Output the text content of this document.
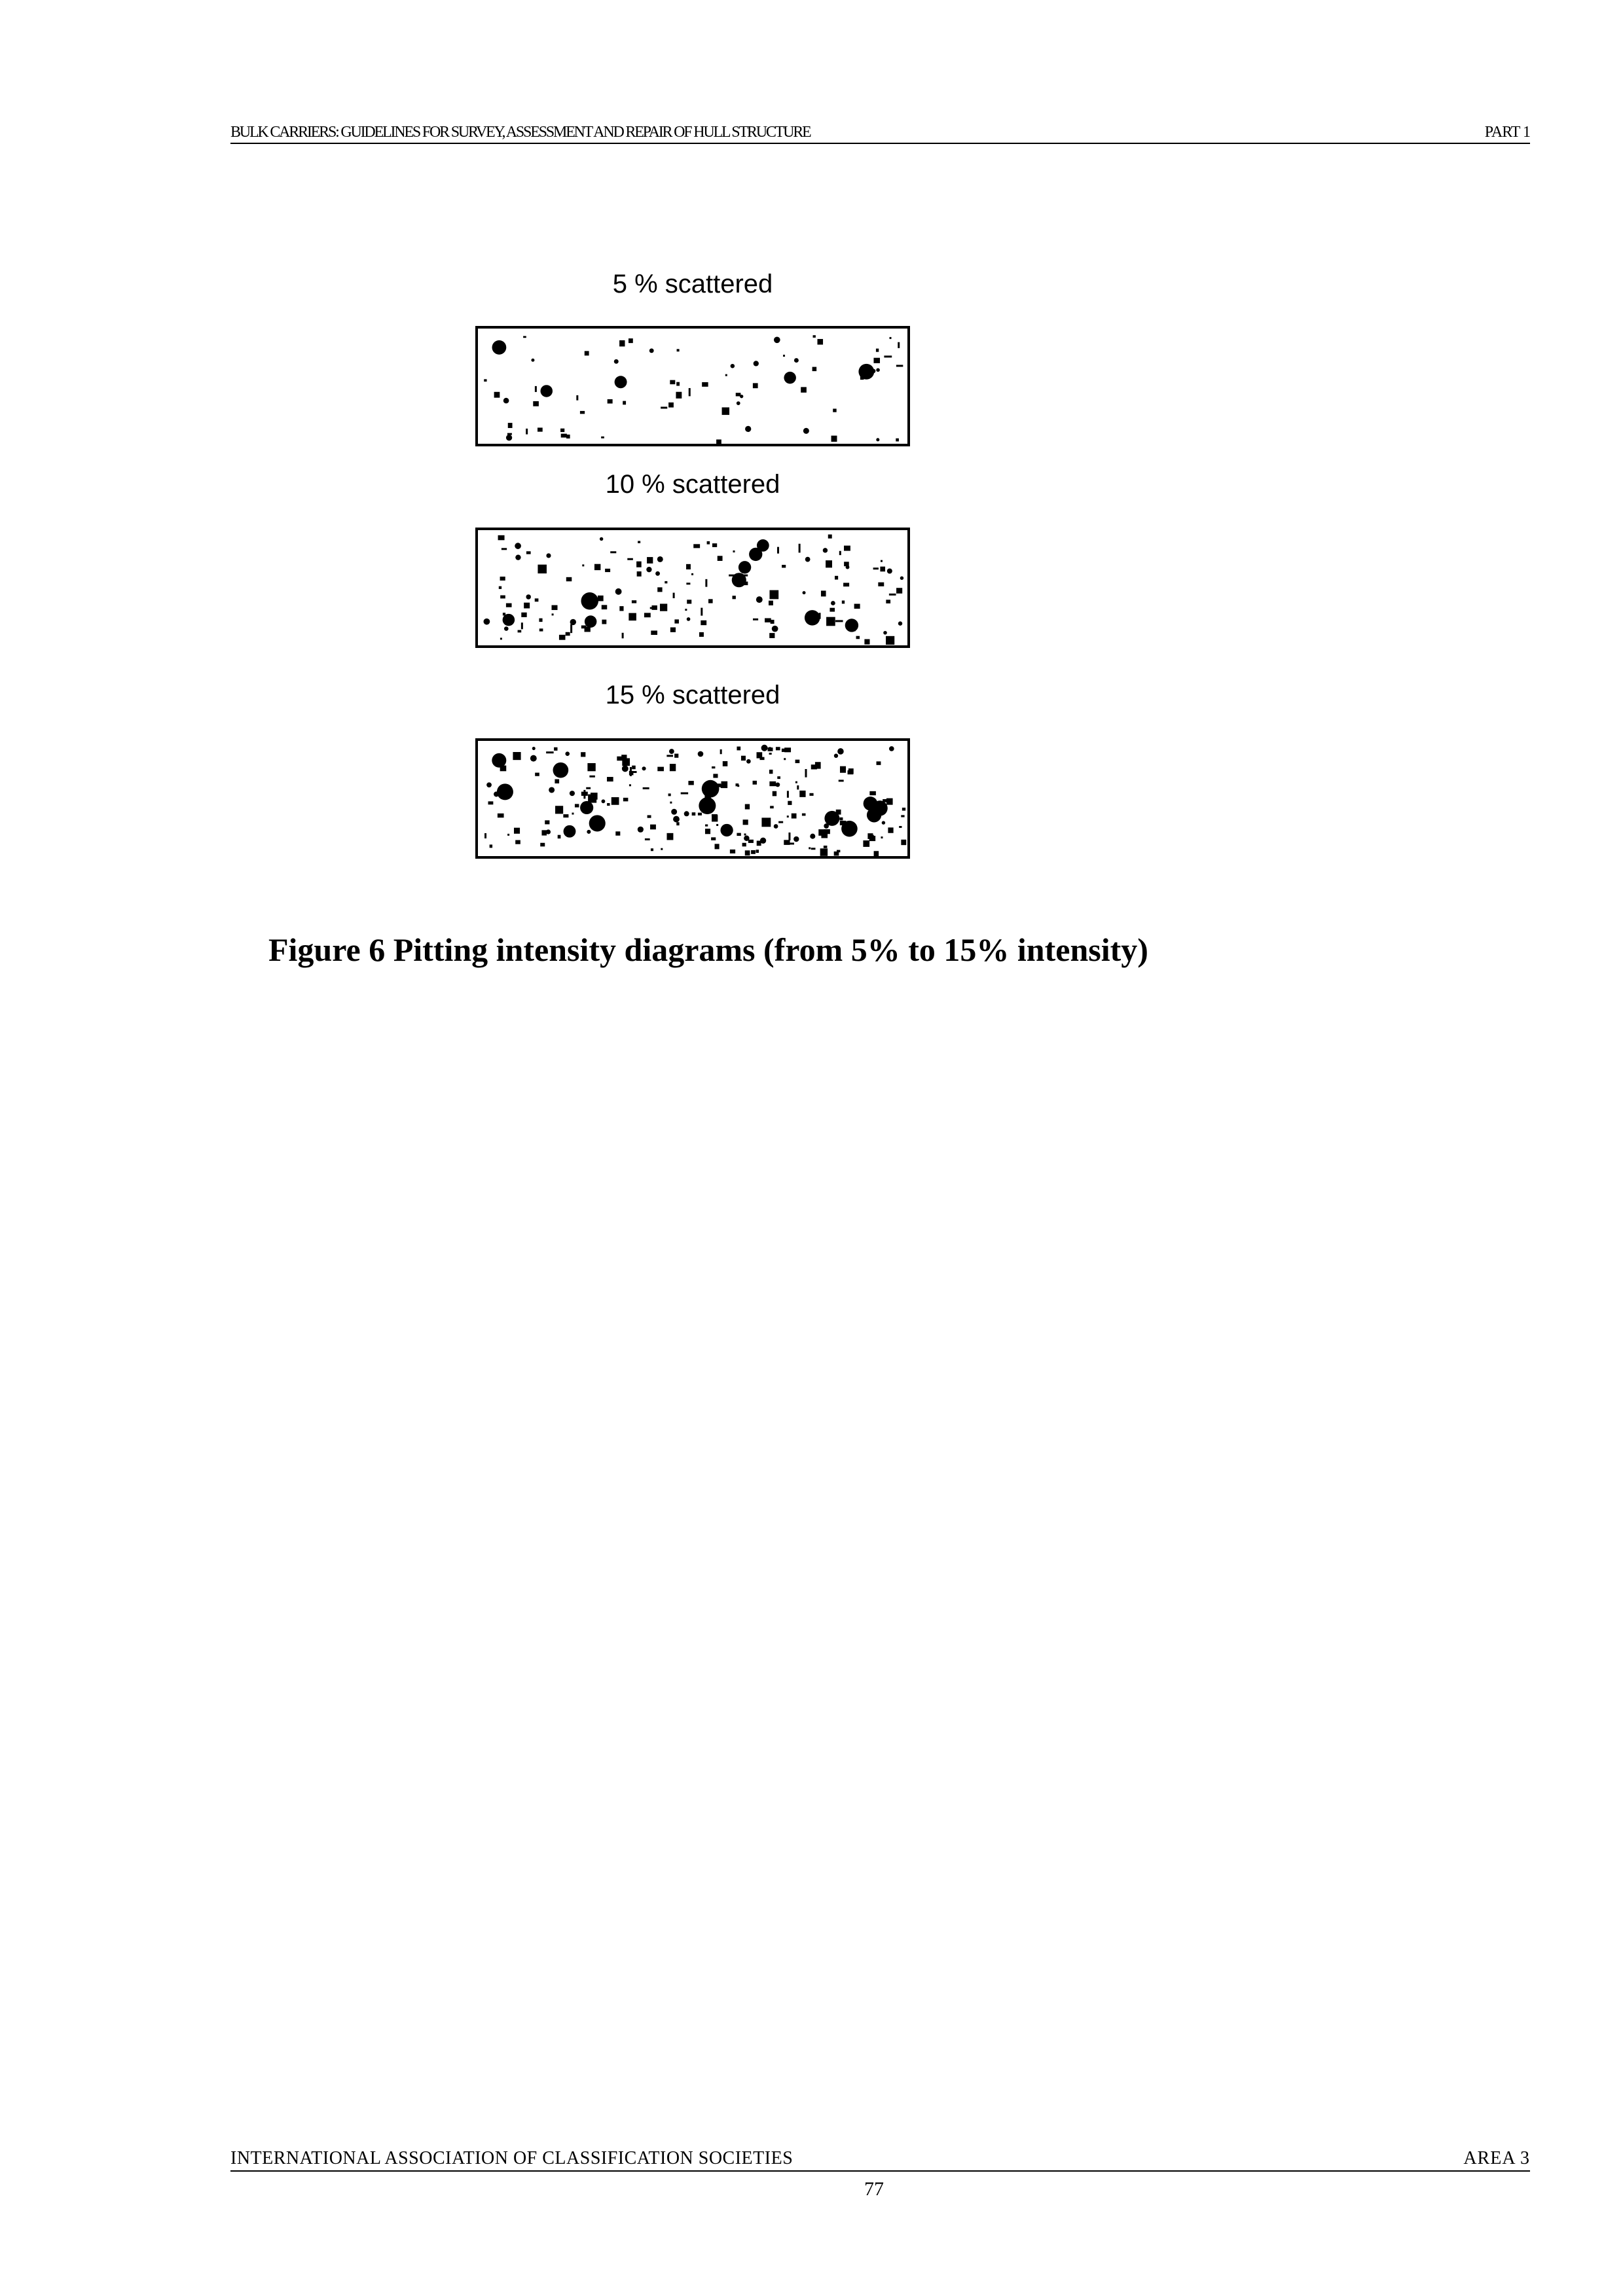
BULK CARRIERS: GUIDELINES FOR SURVEY, ASSESSMENT AND REPAIR OF HULL STRUCTURE	PART 1
5 % scattered
10 % scattered
15 % scattered
Figure 6 Pitting intensity diagrams (from 5% to 15% intensity)
INTERNATIONAL ASSOCIATION OF CLASSIFICATION SOCIETIES	AREA 3
77
